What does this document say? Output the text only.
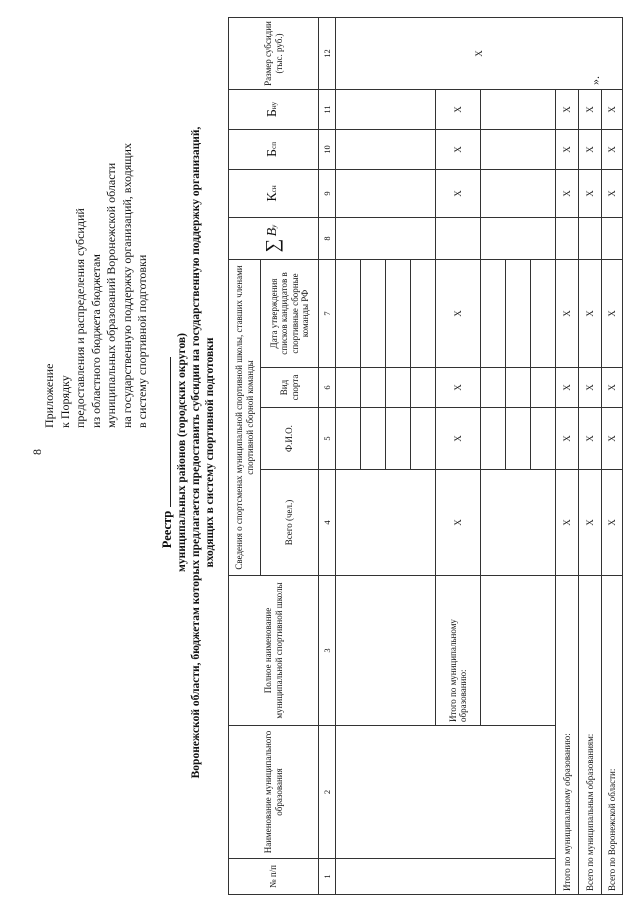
8
Приложение к Порядку предоставления и распределения субсидий из областного бюджета бюджетам муниципальных образований Воронежской области на государственную поддержку организаций, входящих в систему спортивной подготовки
Реестр муниципальных районов (городских округов) Воронежской области, бюджетам которых предлагается предоставить субсидии на государственную поддержку организаций, входящих в систему спортивной подготовки
№ п/п	Наименование муниципального образования	Полное наименование муниципальной спортивной школы	Сведения о спортсменах муниципальной спортивной школы, ставших членами спортивной сборной команды				∑ By	Ксн	Бсп	Бну	Размер субсидии (тыс. руб.)
			Всего (чел.)	Ф.И.О.	Вид спорта	Дата утверждения списков кандидатов в спортивные сборные команды РФ					
1	2	3	4	5	6	7	8	9	10	11	12
											X

		Итого по муниципальному образованию:	X	X	X	X		X	X	X	

Итого по муниципальному образованию:			X	X	X	X		X	X	X	
Всего по муниципальным образованиям:			X	X	X	X		X	X	X	
Всего по Воронежской области:			X	X	X	X		X	X	X	
».
